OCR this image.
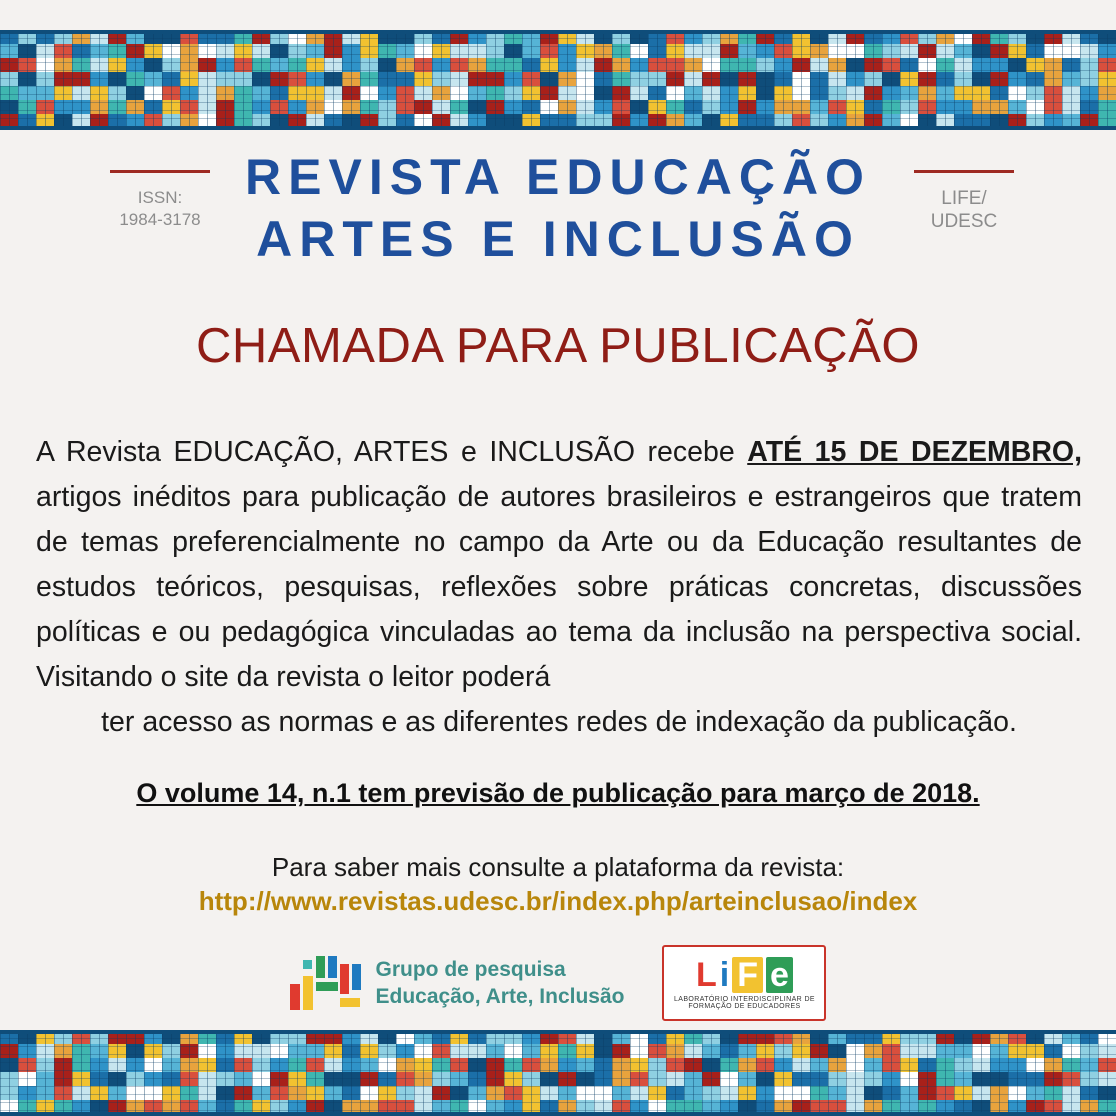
ISSN:
1984-3178
REVISTA EDUCAÇÃO
ARTES E INCLUSÃO
LIFE/
UDESC
CHAMADA PARA PUBLICAÇÃO

A Revista EDUCAÇÃO, ARTES e INCLUSÃO recebe ATÉ 15 DE DEZEMBRO, artigos inéditos para publicação de autores brasileiros e estrangeiros que tratem de temas preferencialmente no campo da Arte ou da Educação resultantes de estudos teóricos, pesquisas, reflexões sobre práticas concretas, discussões políticas e ou pedagógica vinculadas ao tema da inclusão na perspectiva social. Visitando o site da revista o leitor poderá

ter acesso as normas e as diferentes redes de indexação da publicação.

O volume 14, n.1 tem previsão de publicação para março de 2018.
Para saber mais consulte a plataforma da revista:
http://www.revistas.udesc.br/index.php/arteinclusao/index
Grupo de pesquisa
Educação, Arte, Inclusão
L i F e
LABORATÓRIO INTERDISCIPLINAR DE FORMAÇÃO DE EDUCADORES
